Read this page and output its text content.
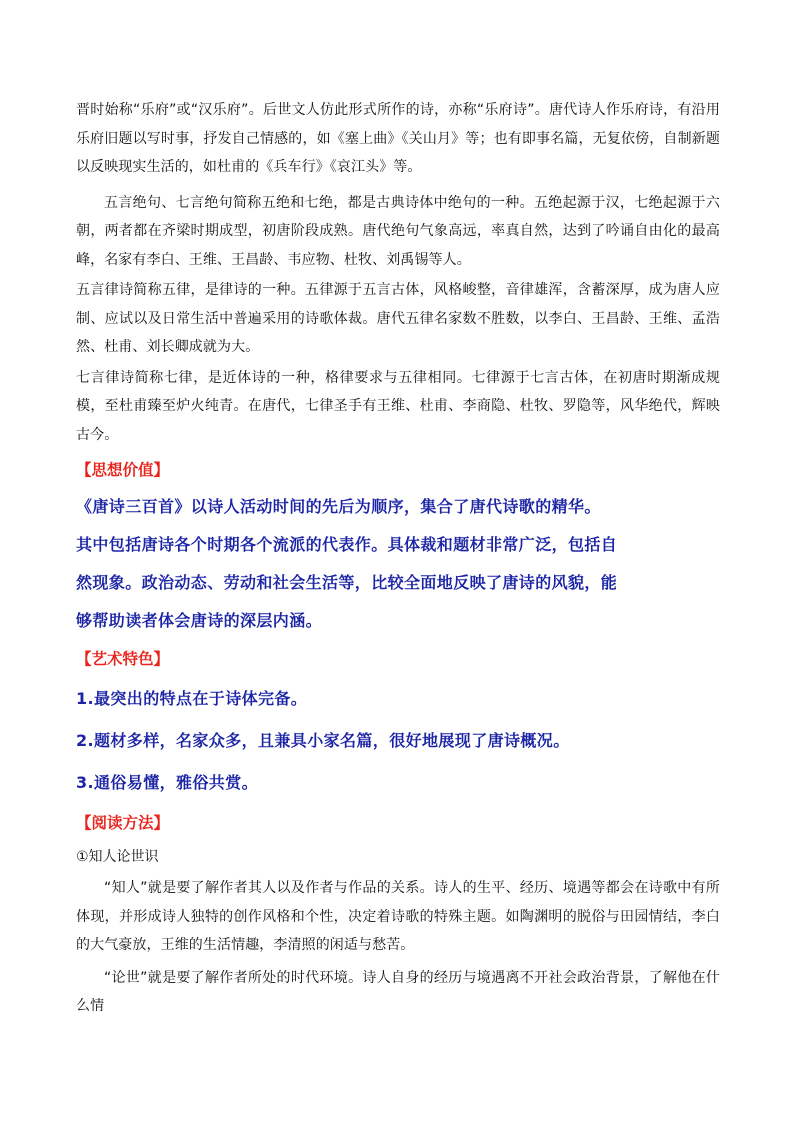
晋时始称“乐府”或“汉乐府”。后世文人仿此形式所作的诗，亦称“乐府诗”。唐代诗人作乐府诗，有沿用乐府旧题以写时事，抒发自己情感的，如《塞上曲》《关山月》等；也有即事名篇，无复依傍，自制新题以反映现实生活的，如杜甫的《兵车行》《哀江头》等。

五言绝句、七言绝句简称五绝和七绝，都是古典诗体中绝句的一种。五绝起源于汉，七绝起源于六朝，两者都在齐梁时期成型，初唐阶段成熟。唐代绝句气象高远，率真自然，达到了吟诵自由化的最高峰，名家有李白、王维、王昌龄、韦应物、杜牧、刘禹锡等人。

五言律诗简称五律，是律诗的一种。五律源于五言古体，风格峻整，音律雄浑，含蓄深厚，成为唐人应制、应试以及日常生活中普遍采用的诗歌体裁。唐代五律名家数不胜数，以李白、王昌龄、王维、孟浩然、杜甫、刘长卿成就为大。

七言律诗简称七律，是近体诗的一种，格律要求与五律相同。七律源于七言古体，在初唐时期渐成规模，至杜甫臻至炉火纯青。在唐代，七律圣手有王维、杜甫、李商隐、杜牧、罗隐等，风华绝代，辉映古今。

【思想价值】

《唐诗三百首》以诗人活动时间的先后为顺序，集合了唐代诗歌的精华。

其中包括唐诗各个时期各个流派的代表作。具体裁和题材非常广泛，包括自

然现象。政治动态、劳动和社会生活等，比较全面地反映了唐诗的风貌，能

够帮助读者体会唐诗的深层内涵。

【艺术特色】

1.最突出的特点在于诗体完备。

2.题材多样，名家众多，且兼具小家名篇，很好地展现了唐诗概况。

3.通俗易懂，雅俗共赏。

【阅读方法】

①知人论世识

“知人”就是要了解作者其人以及作者与作品的关系。诗人的生平、经历、境遇等都会在诗歌中有所体现，并形成诗人独特的创作风格和个性，决定着诗歌的特殊主题。如陶渊明的脱俗与田园情结，李白的大气豪放，王维的生活情趣，李清照的闲适与愁苦。

“论世”就是要了解作者所处的时代环境。诗人自身的经历与境遇离不开社会政治背景，了解他在什么情
